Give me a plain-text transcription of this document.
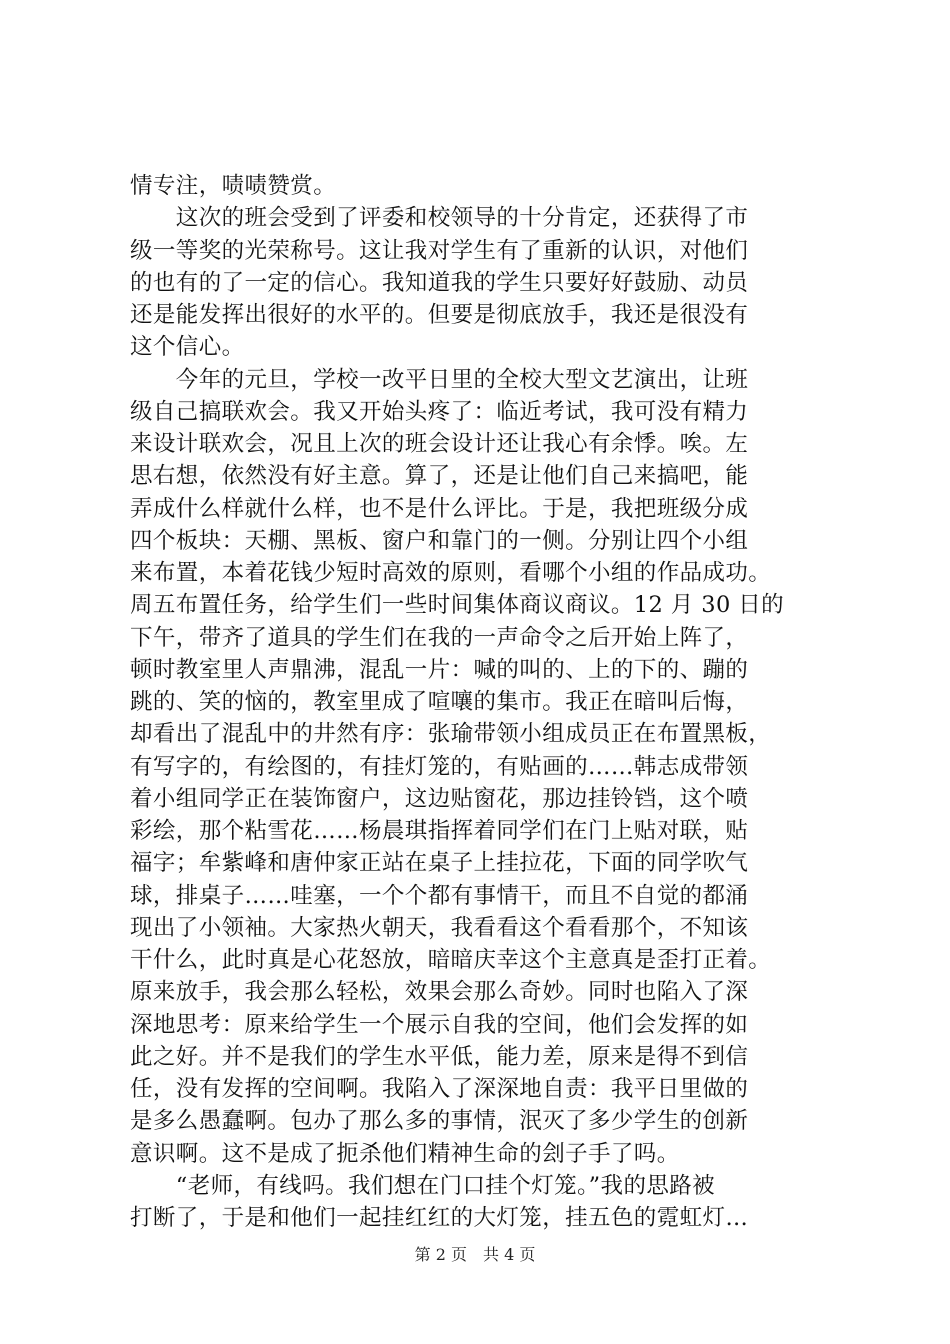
情专注，啧啧赞赏。
　　这次的班会受到了评委和校领导的十分肯定，还获得了市
级一等奖的光荣称号。这让我对学生有了重新的认识，对他们
的也有的了一定的信心。我知道我的学生只要好好鼓励、动员
还是能发挥出很好的水平的。但要是彻底放手，我还是很没有
这个信心。
　　今年的元旦，学校一改平日里的全校大型文艺演出，让班
级自己搞联欢会。我又开始头疼了：临近考试，我可没有精力
来设计联欢会，况且上次的班会设计还让我心有余悸。唉。左
思右想，依然没有好主意。算了，还是让他们自己来搞吧，能
弄成什么样就什么样，也不是什么评比。于是，我把班级分成
四个板块：天棚、黑板、窗户和靠门的一侧。分别让四个小组
来布置，本着花钱少短时高效的原则，看哪个小组的作品成功。
周五布置任务，给学生们一些时间集体商议商议。12 月 30 日的
下午，带齐了道具的学生们在我的一声命令之后开始上阵了，
顿时教室里人声鼎沸，混乱一片：喊的叫的、上的下的、蹦的
跳的、笑的恼的，教室里成了喧嚷的集市。我正在暗叫后悔，
却看出了混乱中的井然有序：张瑜带领小组成员正在布置黑板，
有写字的，有绘图的，有挂灯笼的，有贴画的……韩志成带领
着小组同学正在装饰窗户，这边贴窗花，那边挂铃铛，这个喷
彩绘，那个粘雪花……杨晨琪指挥着同学们在门上贴对联，贴
福字；牟紫峰和唐仲家正站在桌子上挂拉花，下面的同学吹气
球，排桌子……哇塞，一个个都有事情干，而且不自觉的都涌
现出了小领袖。大家热火朝天，我看看这个看看那个，不知该
干什么，此时真是心花怒放，暗暗庆幸这个主意真是歪打正着。
原来放手，我会那么轻松，效果会那么奇妙。同时也陷入了深
深地思考：原来给学生一个展示自我的空间，他们会发挥的如
此之好。并不是我们的学生水平低，能力差，原来是得不到信
任，没有发挥的空间啊。我陷入了深深地自责：我平日里做的
是多么愚蠢啊。包办了那么多的事情，泯灭了多少学生的创新
意识啊。这不是成了扼杀他们精神生命的刽子手了吗。
　　“老师，有线吗。我们想在门口挂个灯笼。”我的思路被
打断了，于是和他们一起挂红红的大灯笼，挂五色的霓虹灯…
第 2 页　共 4 页
